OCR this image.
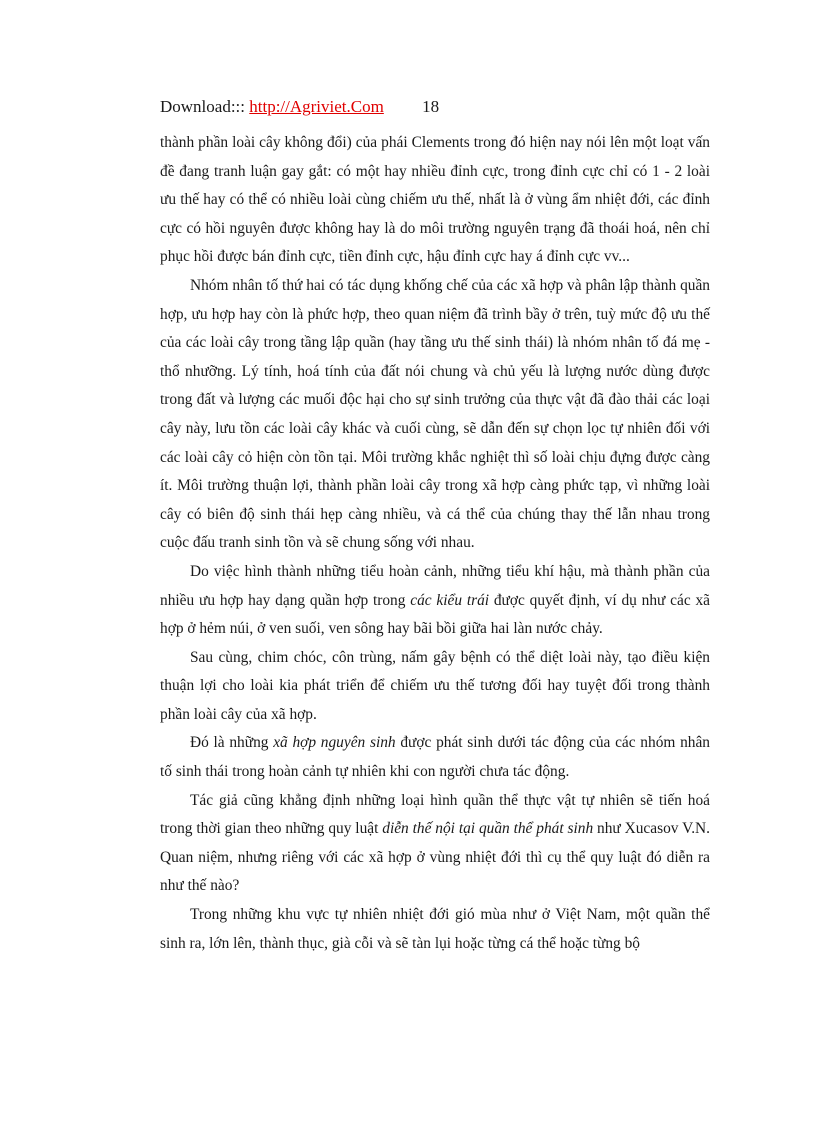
Download::: http://Agriviet.Com 18

thành phần loài cây không đổi) của phái Clements trong đó hiện nay nói lên một loạt vấn đề đang tranh luận gay gắt: có một hay nhiều đỉnh cực, trong đỉnh cực chỉ có 1 - 2 loài ưu thế hay có thể có nhiều loài cùng chiếm ưu thế, nhất là ở vùng ẩm nhiệt đới, các đỉnh cực có hồi nguyên được không hay là do môi trường nguyên trạng đã thoái hoá, nên chỉ phục hồi được bán đỉnh cực, tiền đỉnh cực, hậu đỉnh cực hay á đỉnh cực vv...

Nhóm nhân tố thứ hai có tác dụng khống chế của các xã hợp và phân lập thành quần hợp, ưu hợp hay còn là phức hợp, theo quan niệm đã trình bầy ở trên, tuỳ mức độ ưu thế của các loài cây trong tầng lập quần (hay tầng ưu thế sinh thái) là nhóm nhân tố đá mẹ - thổ nhưỡng. Lý tính, hoá tính của đất nói chung và chủ yếu là lượng nước dùng được trong đất và lượng các muối độc hại cho sự sinh trưởng của thực vật đã đào thải các loại cây này, lưu tồn các loài cây khác và cuối cùng, sẽ dẫn đến sự chọn lọc tự nhiên đối với các loài cây cỏ hiện còn tồn tại. Môi trường khắc nghiệt thì số loài chịu đựng được càng ít. Môi trường thuận lợi, thành phần loài cây trong xã hợp càng phức tạp, vì những loài cây có biên độ sinh thái hẹp càng nhiều, và cá thể của chúng thay thế lẫn nhau trong cuộc đấu tranh sinh tồn và sẽ chung sống với nhau.

Do việc hình thành những tiểu hoàn cảnh, những tiểu khí hậu, mà thành phần của nhiều ưu hợp hay dạng quần hợp trong các kiểu trái được quyết định, ví dụ như các xã hợp ở hẻm núi, ở ven suối, ven sông hay bãi bồi giữa hai làn nước chảy.

Sau cùng, chim chóc, côn trùng, nấm gây bệnh có thể diệt loài này, tạo điều kiện thuận lợi cho loài kia phát triển để chiếm ưu thế tương đối hay tuyệt đối trong thành phần loài cây của xã hợp.

Đó là những xã hợp nguyên sinh được phát sinh dưới tác động của các nhóm nhân tố sinh thái trong hoàn cảnh tự nhiên khi con người chưa tác động.

Tác giả cũng khẳng định những loại hình quần thể thực vật tự nhiên sẽ tiến hoá trong thời gian theo những quy luật diễn thế nội tại quần thể phát sinh như Xucasov V.N. Quan niệm, nhưng riêng với các xã hợp ở vùng nhiệt đới thì cụ thể quy luật đó diễn ra như thế nào?

Trong những khu vực tự nhiên nhiệt đới gió mùa như ở Việt Nam, một quần thể sinh ra, lớn lên, thành thục, già cỗi và sẽ tàn lụi hoặc từng cá thể hoặc từng bộ
